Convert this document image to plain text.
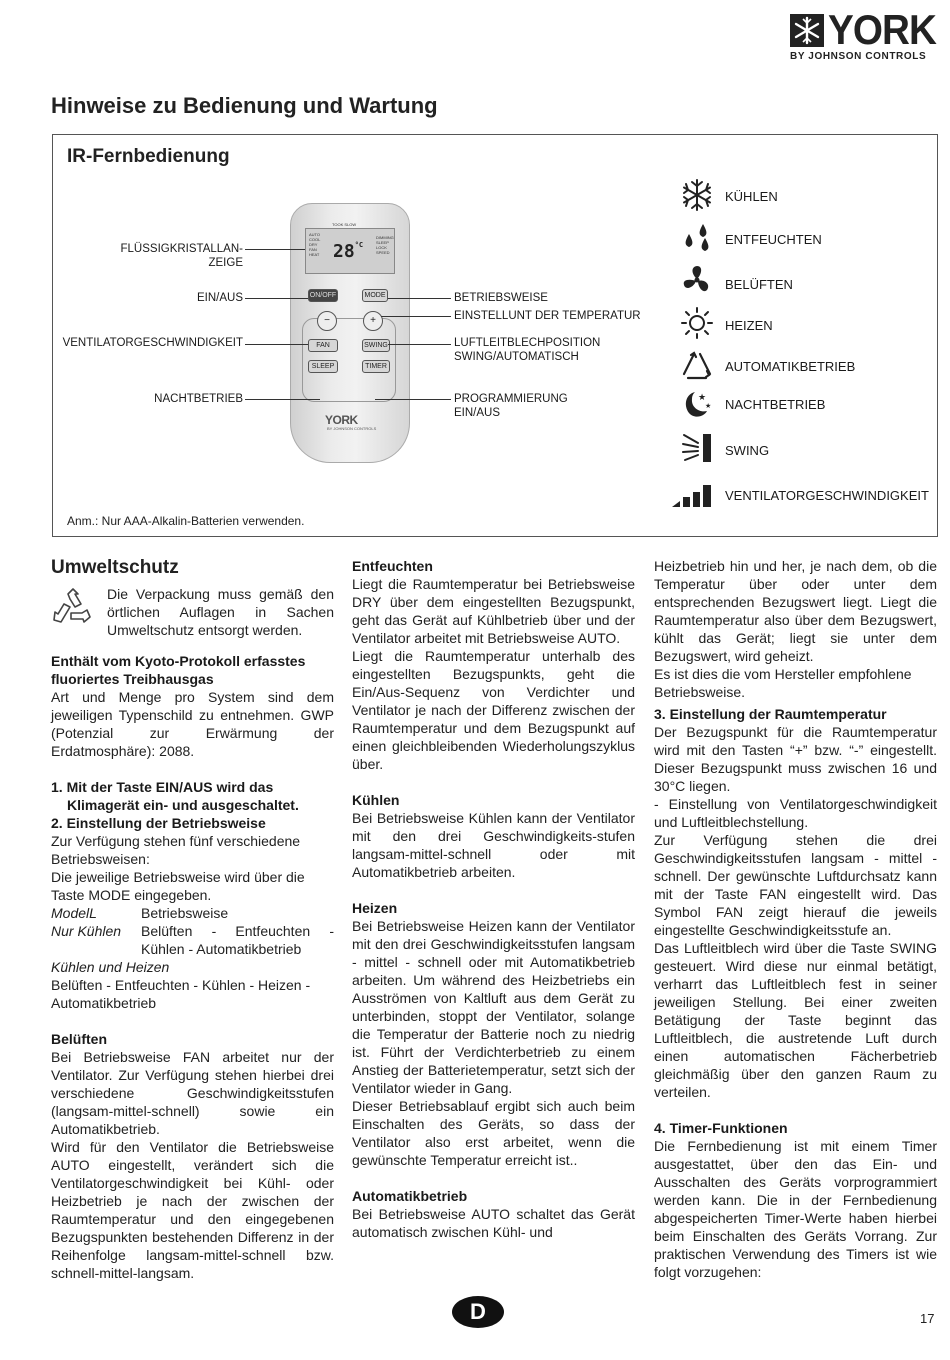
YORK
BY JOHNSON CONTROLS
Hinweise zu Bedienung und Wartung
IR-Fernbedienung
TOOK SLOW
AUTO
COOL
DRY
FAN
HEAT $28^{^\circ C}$
DIMMING
SLEEP
LOCK
SPEED
ON/OFF	MODE
−	+
FAN	SWING
SLEEP	TIMER
YORK
BY JOHNSON CONTROLS
FLÜSSIGKRISTALLAN-
ZEIGE
EIN/AUS
VENTILATORGESCHWINDIGKEIT
NACHTBETRIEB
BETRIEBSWEISE
EINSTELLUNT DER TEMPERATUR
LUFTLEITBLECHPOSITION
SWING/AUTOMATISCH
PROGRAMMIERUNG
EIN/AUS
KÜHLEN
ENTFEUCHTEN
BELÜFTEN
HEIZEN
AUTOMATIKBETRIEB
★
★ NACHTBETRIEB
SWING
VENTILATORGESCHWINDIGKEIT
Anm.: Nur AAA-Alkalin-Batterien verwenden.
Umweltschutz
Die Verpackung muss gemäß den örtlichen Auflagen in Sachen Umweltschutz entsorgt werden.

Enthält vom Kyoto-Protokoll erfasstes fluoriertes Treibhausgas

Art und Menge pro System sind dem jeweiligen Typenschild zu entnehmen. GWP (Potenzial zur Erwärmung der Erdatmosphäre): 2088.

1. Mit der Taste EIN/AUS wird das

Klimagerät ein- und ausgeschaltet.

2. Einstellung der Betriebsweise

Zur Verfügung stehen fünf verschiedene Betriebsweisen:

Die jeweilige Betriebsweise wird über die Taste MODE eingegeben.

ModelL	Betriebsweise
Nur Kühlen	Belüften - Entfeuchten - Kühlen - Automatikbetrieb

Kühlen und Heizen

Belüften - Entfeuchten - Kühlen - Heizen - Automatikbetrieb

Belüften

Bei Betriebsweise FAN arbeitet nur der Ventilator. Zur Verfügung stehen hierbei drei verschiedene Geschwindigkeitsstufen (langsam-mittel-schnell) sowie ein Automatikbetrieb.

Wird für den Ventilator die Betriebsweise AUTO eingestellt, verändert sich die Ventilatorgeschwindigkeit bei Kühl- oder Heizbetrieb je nach der zwischen der Raumtemperatur und den eingegebenen Bezugspunkten bestehenden Differenz in der Reihenfolge langsam-mittel-schnell bzw. schnell-mittel-langsam.

Entfeuchten

Liegt die Raumtemperatur bei Betriebsweise DRY über dem eingestellten Bezugspunkt, geht das Gerät auf Kühlbetrieb über und der Ventilator arbeitet mit Betriebsweise AUTO.

Liegt die Raumtemperatur unterhalb des eingestellten Bezugspunkts, geht die Ein/Aus-Sequenz von Verdichter und Ventilator je nach der Differenz zwischen der Raumtemperatur und dem Bezugspunkt auf einen gleichbleibenden Wiederholungszyklus über.

Kühlen

Bei Betriebsweise Kühlen kann der Ventilator mit den drei Geschwindigkeits-stufen langsam-mittel-schnell oder mit Automatikbetrieb arbeiten.

Heizen

Bei Betriebsweise Heizen kann der Ventilator mit den drei Geschwindigkeitsstufen langsam - mittel - schnell oder mit Automatikbetrieb arbeiten. Um während des Heizbetriebs ein Ausströmen von Kaltluft aus dem Gerät zu unterbinden, stoppt der Ventilator, solange die Temperatur der Batterie noch zu niedrig ist. Führt der Verdichterbetrieb zu einem Anstieg der Batterietemperatur, setzt sich der Ventilator wieder in Gang.

Dieser Betriebsablauf ergibt sich auch beim Einschalten des Geräts, so dass der Ventilator also erst arbeitet, wenn die gewünschte Temperatur erreicht ist..

Automatikbetrieb

Bei Betriebsweise AUTO schaltet das Gerät automatisch zwischen Kühl- und

Heizbetrieb hin und her, je nach dem, ob die Temperatur über oder unter dem entsprechenden Bezugswert liegt. Liegt die Raumtemperatur also über dem Bezugswert, kühlt das Gerät; liegt sie unter dem Bezugswert, wird geheizt.

Es ist dies die vom Hersteller empfohlene Betriebsweise.

3. Einstellung der Raumtemperatur

Der Bezugspunkt für die Raumtemperatur wird mit den Tasten “+” bzw. “-” eingestellt. Dieser Bezugspunkt muss zwischen 16 und 30°C liegen.

- Einstellung von Ventilatorgeschwindigkeit und Luftleitblechstellung.

Zur Verfügung stehen die drei Geschwindigkeitsstufen langsam - mittel - schnell. Der gewünschte Luftdurchsatz kann mit der Taste FAN eingestellt wird. Das Symbol FAN zeigt hierauf die jeweils eingestellte Geschwindigkeitsstufe an.

Das Luftleitblech wird über die Taste SWING gesteuert. Wird diese nur einmal betätigt, verharrt das Luftleitblech fest in seiner jeweiligen Stellung. Bei einer zweiten Betätigung der Taste beginnt das Luftleitblech, die austretende Luft durch einen automatischen Fächerbetrieb gleichmäßig über den ganzen Raum zu verteilen.

4. Timer-Funktionen

Die Fernbedienung ist mit einem Timer ausgestattet, über den das Ein- und Ausschalten des Geräts vorprogrammiert werden kann. Die in der Fernbedienung abgespeicherten Timer-Werte haben hierbei beim Einschalten des Geräts Vorrang. Zur praktischen Verwendung des Timers ist wie folgt vorzugehen:

D	17
